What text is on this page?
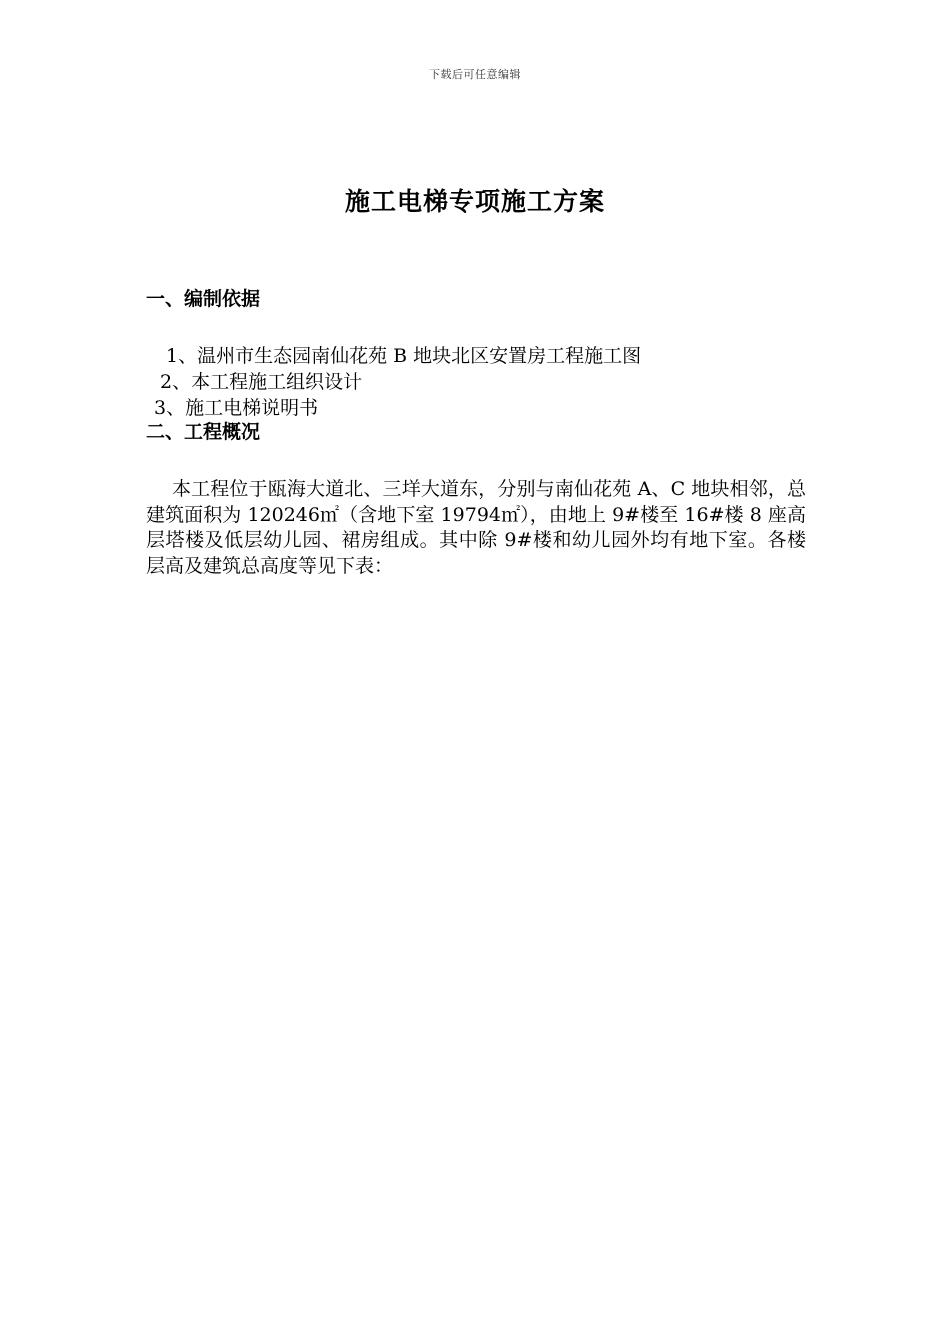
下载后可任意编辑
施工电梯专项施工方案
一、编制依据
1、温州市生态园南仙花苑 B 地块北区安置房工程施工图
2、本工程施工组织设计
3、施工电梯说明书
二、工程概况
本工程位于瓯海大道北、三垟大道东，分别与南仙花苑 A、C 地块相邻，总建筑面积为 120246㎡（含地下室 19794㎡），由地上 9#楼至 16#楼 8 座高层塔楼及低层幼儿园、裙房组成。其中除 9#楼和幼儿园外均有地下室。各楼层高及建筑总高度等见下表：
